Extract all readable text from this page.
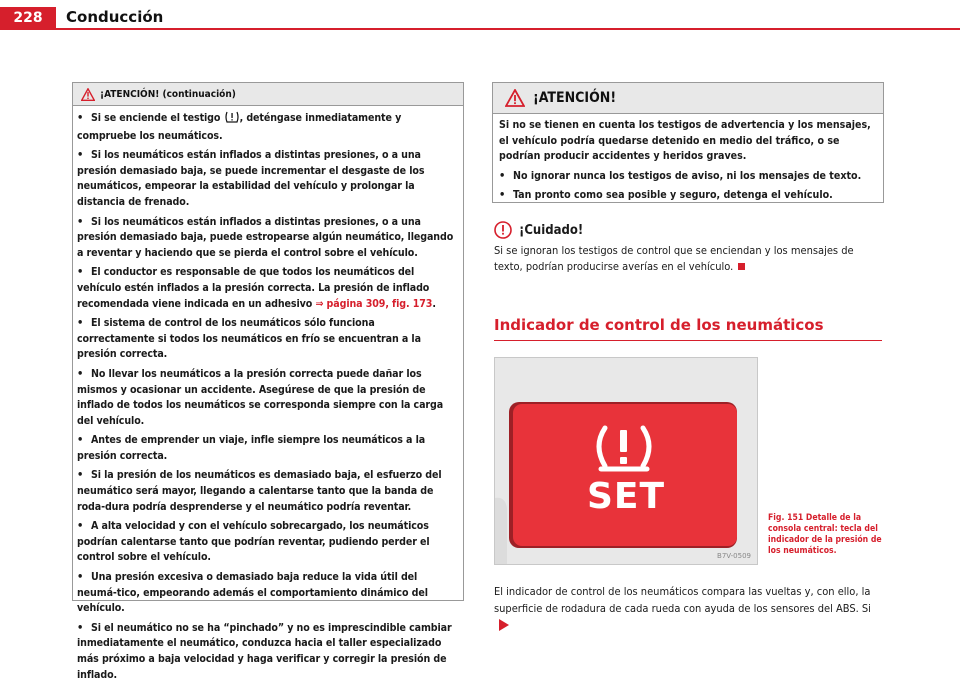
228	Conducción
¡ATENCIÓN! (continuación)
• Si se enciende el testigo , deténgase inmediatamente y compruebe los neumáticos.
• Si los neumáticos están inflados a distintas presiones, o a una presión demasiado baja, se puede incrementar el desgaste de los neumáticos, empeorar la estabilidad del vehículo y prolongar la distancia de frenado.
• Si los neumáticos están inflados a distintas presiones, o a una presión demasiado baja, puede estropearse algún neumático, llegando a reventar y haciendo que se pierda el control sobre el vehículo.
• El conductor es responsable de que todos los neumáticos del vehículo estén inflados a la presión correcta. La presión de inflado recomendada viene indicada en un adhesivo ⇒ página 309, fig. 173.
• El sistema de control de los neumáticos sólo funciona correctamente si todos los neumáticos en frío se encuentran a la presión correcta.
• No llevar los neumáticos a la presión correcta puede dañar los mismos y ocasionar un accidente. Asegúrese de que la presión de inflado de todos los neumáticos se corresponda siempre con la carga del vehículo.
• Antes de emprender un viaje, infle siempre los neumáticos a la presión correcta.
• Si la presión de los neumáticos es demasiado baja, el esfuerzo del neumático será mayor, llegando a calentarse tanto que la banda de roda-dura podría desprenderse y el neumático podría reventar.
• A alta velocidad y con el vehículo sobrecargado, los neumáticos podrían calentarse tanto que podrían reventar, pudiendo perder el control sobre el vehículo.
• Una presión excesiva o demasiado baja reduce la vida útil del neumá-tico, empeorando además el comportamiento dinámico del vehículo.
• Si el neumático no se ha “pinchado” y no es imprescindible cambiar inmediatamente el neumático, conduzca hacia el taller especializado más próximo a baja velocidad y haga verificar y corregir la presión de inflado.
¡ATENCIÓN!
Si no se tienen en cuenta los testigos de advertencia y los mensajes, el vehículo podría quedarse detenido en medio del tráfico, o se podrían producir accidentes y heridos graves.
• No ignorar nunca los testigos de aviso, ni los mensajes de texto.
• Tan pronto como sea posible y seguro, detenga el vehículo.
¡Cuidado!
Si se ignoran los testigos de control que se enciendan y los mensajes de texto, podrían producirse averías en el vehículo.
Indicador de control de los neumáticos
SET
B7V-0509
Fig. 151 Detalle de la consola central: tecla del indicador de la presión de los neumáticos.
El indicador de control de los neumáticos compara las vueltas y, con ello, la superficie de rodadura de cada rueda con ayuda de los sensores del ABS. Si
